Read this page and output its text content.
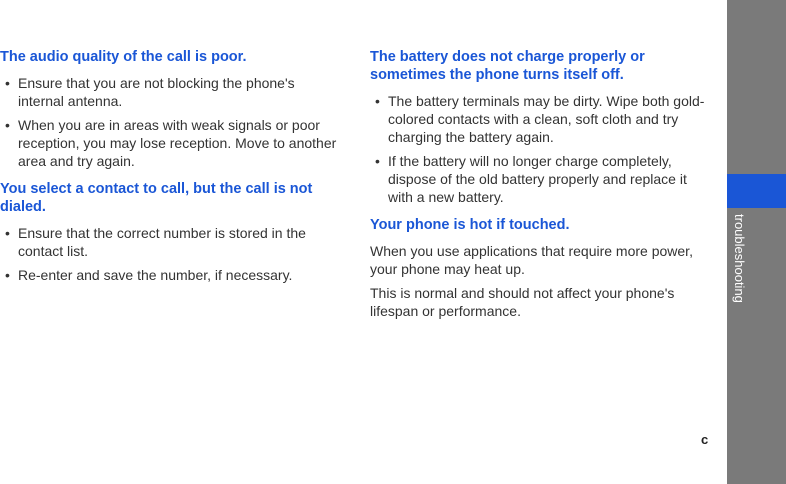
The audio quality of the call is poor.
• Ensure that you are not blocking the phone's internal antenna.
• When you are in areas with weak signals or poor reception, you may lose reception. Move to another area and try again.
You select a contact to call, but the call is not dialed.
• Ensure that the correct number is stored in the contact list.
• Re-enter and save the number, if necessary.
The battery does not charge properly or sometimes the phone turns itself off.
• The battery terminals may be dirty. Wipe both gold-colored contacts with a clean, soft cloth and try charging the battery again.
• If the battery will no longer charge completely, dispose of the old battery properly and replace it with a new battery.
Your phone is hot if touched.

When you use applications that require more power, your phone may heat up.

This is normal and should not affect your phone's lifespan or performance.

troubleshooting
c
